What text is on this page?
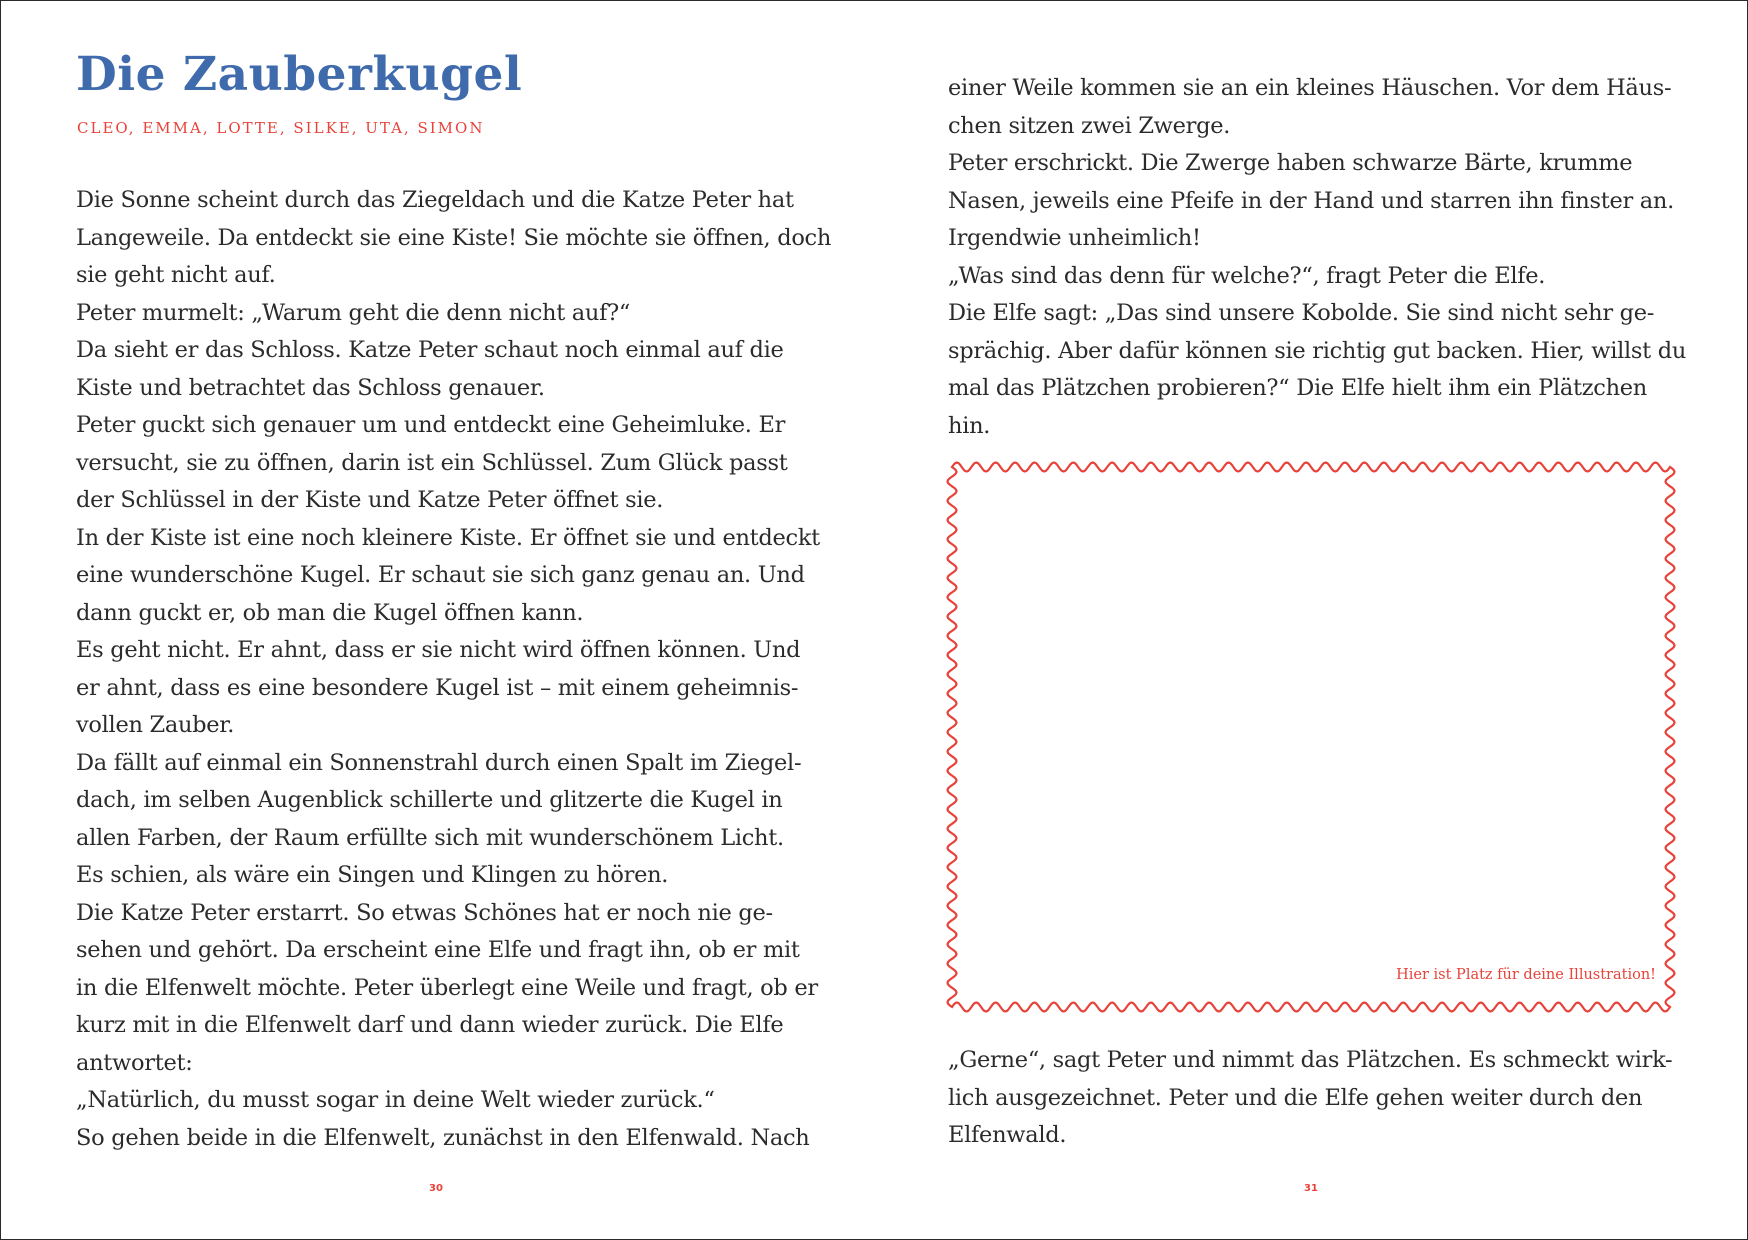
Die Zauberkugel
CLEO, EMMA, LOTTE, SILKE, UTA, SIMON
Die Sonne scheint durch das Ziegeldach und die Katze Peter hat
Langeweile. Da entdeckt sie eine Kiste! Sie möchte sie öffnen, doch
sie geht nicht auf.
Peter murmelt: „Warum geht die denn nicht auf?“
Da sieht er das Schloss. Katze Peter schaut noch einmal auf die
Kiste und betrachtet das Schloss genauer.
Peter guckt sich genauer um und entdeckt eine Geheimluke. Er
versucht, sie zu öffnen, darin ist ein Schlüssel. Zum Glück passt
der Schlüssel in der Kiste und Katze Peter öffnet sie.
In der Kiste ist eine noch kleinere Kiste. Er öffnet sie und entdeckt
eine wunderschöne Kugel. Er schaut sie sich ganz genau an. Und
dann guckt er, ob man die Kugel öffnen kann.
Es geht nicht. Er ahnt, dass er sie nicht wird öffnen können. Und
er ahnt, dass es eine besondere Kugel ist – mit einem geheimnis-
vollen Zauber.
Da fällt auf einmal ein Sonnenstrahl durch einen Spalt im Ziegel-
dach, im selben Augenblick schillerte und glitzerte die Kugel in
allen Farben, der Raum erfüllte sich mit wunderschönem Licht.
Es schien, als wäre ein Singen und Klingen zu hören.
Die Katze Peter erstarrt. So etwas Schönes hat er noch nie ge-
sehen und gehört. Da erscheint eine Elfe und fragt ihn, ob er mit
in die Elfenwelt möchte. Peter überlegt eine Weile und fragt, ob er
kurz mit in die Elfenwelt darf und dann wieder zurück. Die Elfe
antwortet:
„Natürlich, du musst sogar in deine Welt wieder zurück.“
So gehen beide in die Elfenwelt, zunächst in den Elfenwald. Nach
30
einer Weile kommen sie an ein kleines Häuschen. Vor dem Häus-
chen sitzen zwei Zwerge.
Peter erschrickt. Die Zwerge haben schwarze Bärte, krumme
Nasen, jeweils eine Pfeife in der Hand und starren ihn finster an.
Irgendwie unheimlich!
„Was sind das denn für welche?“, fragt Peter die Elfe.
Die Elfe sagt: „Das sind unsere Kobolde. Sie sind nicht sehr ge-
sprächig. Aber dafür können sie richtig gut backen. Hier, willst du
mal das Plätzchen probieren?“ Die Elfe hielt ihm ein Plätzchen
hin.
Hier ist Platz für deine Illustration!
„Gerne“, sagt Peter und nimmt das Plätzchen. Es schmeckt wirk-
lich ausgezeichnet. Peter und die Elfe gehen weiter durch den
Elfenwald.
31
